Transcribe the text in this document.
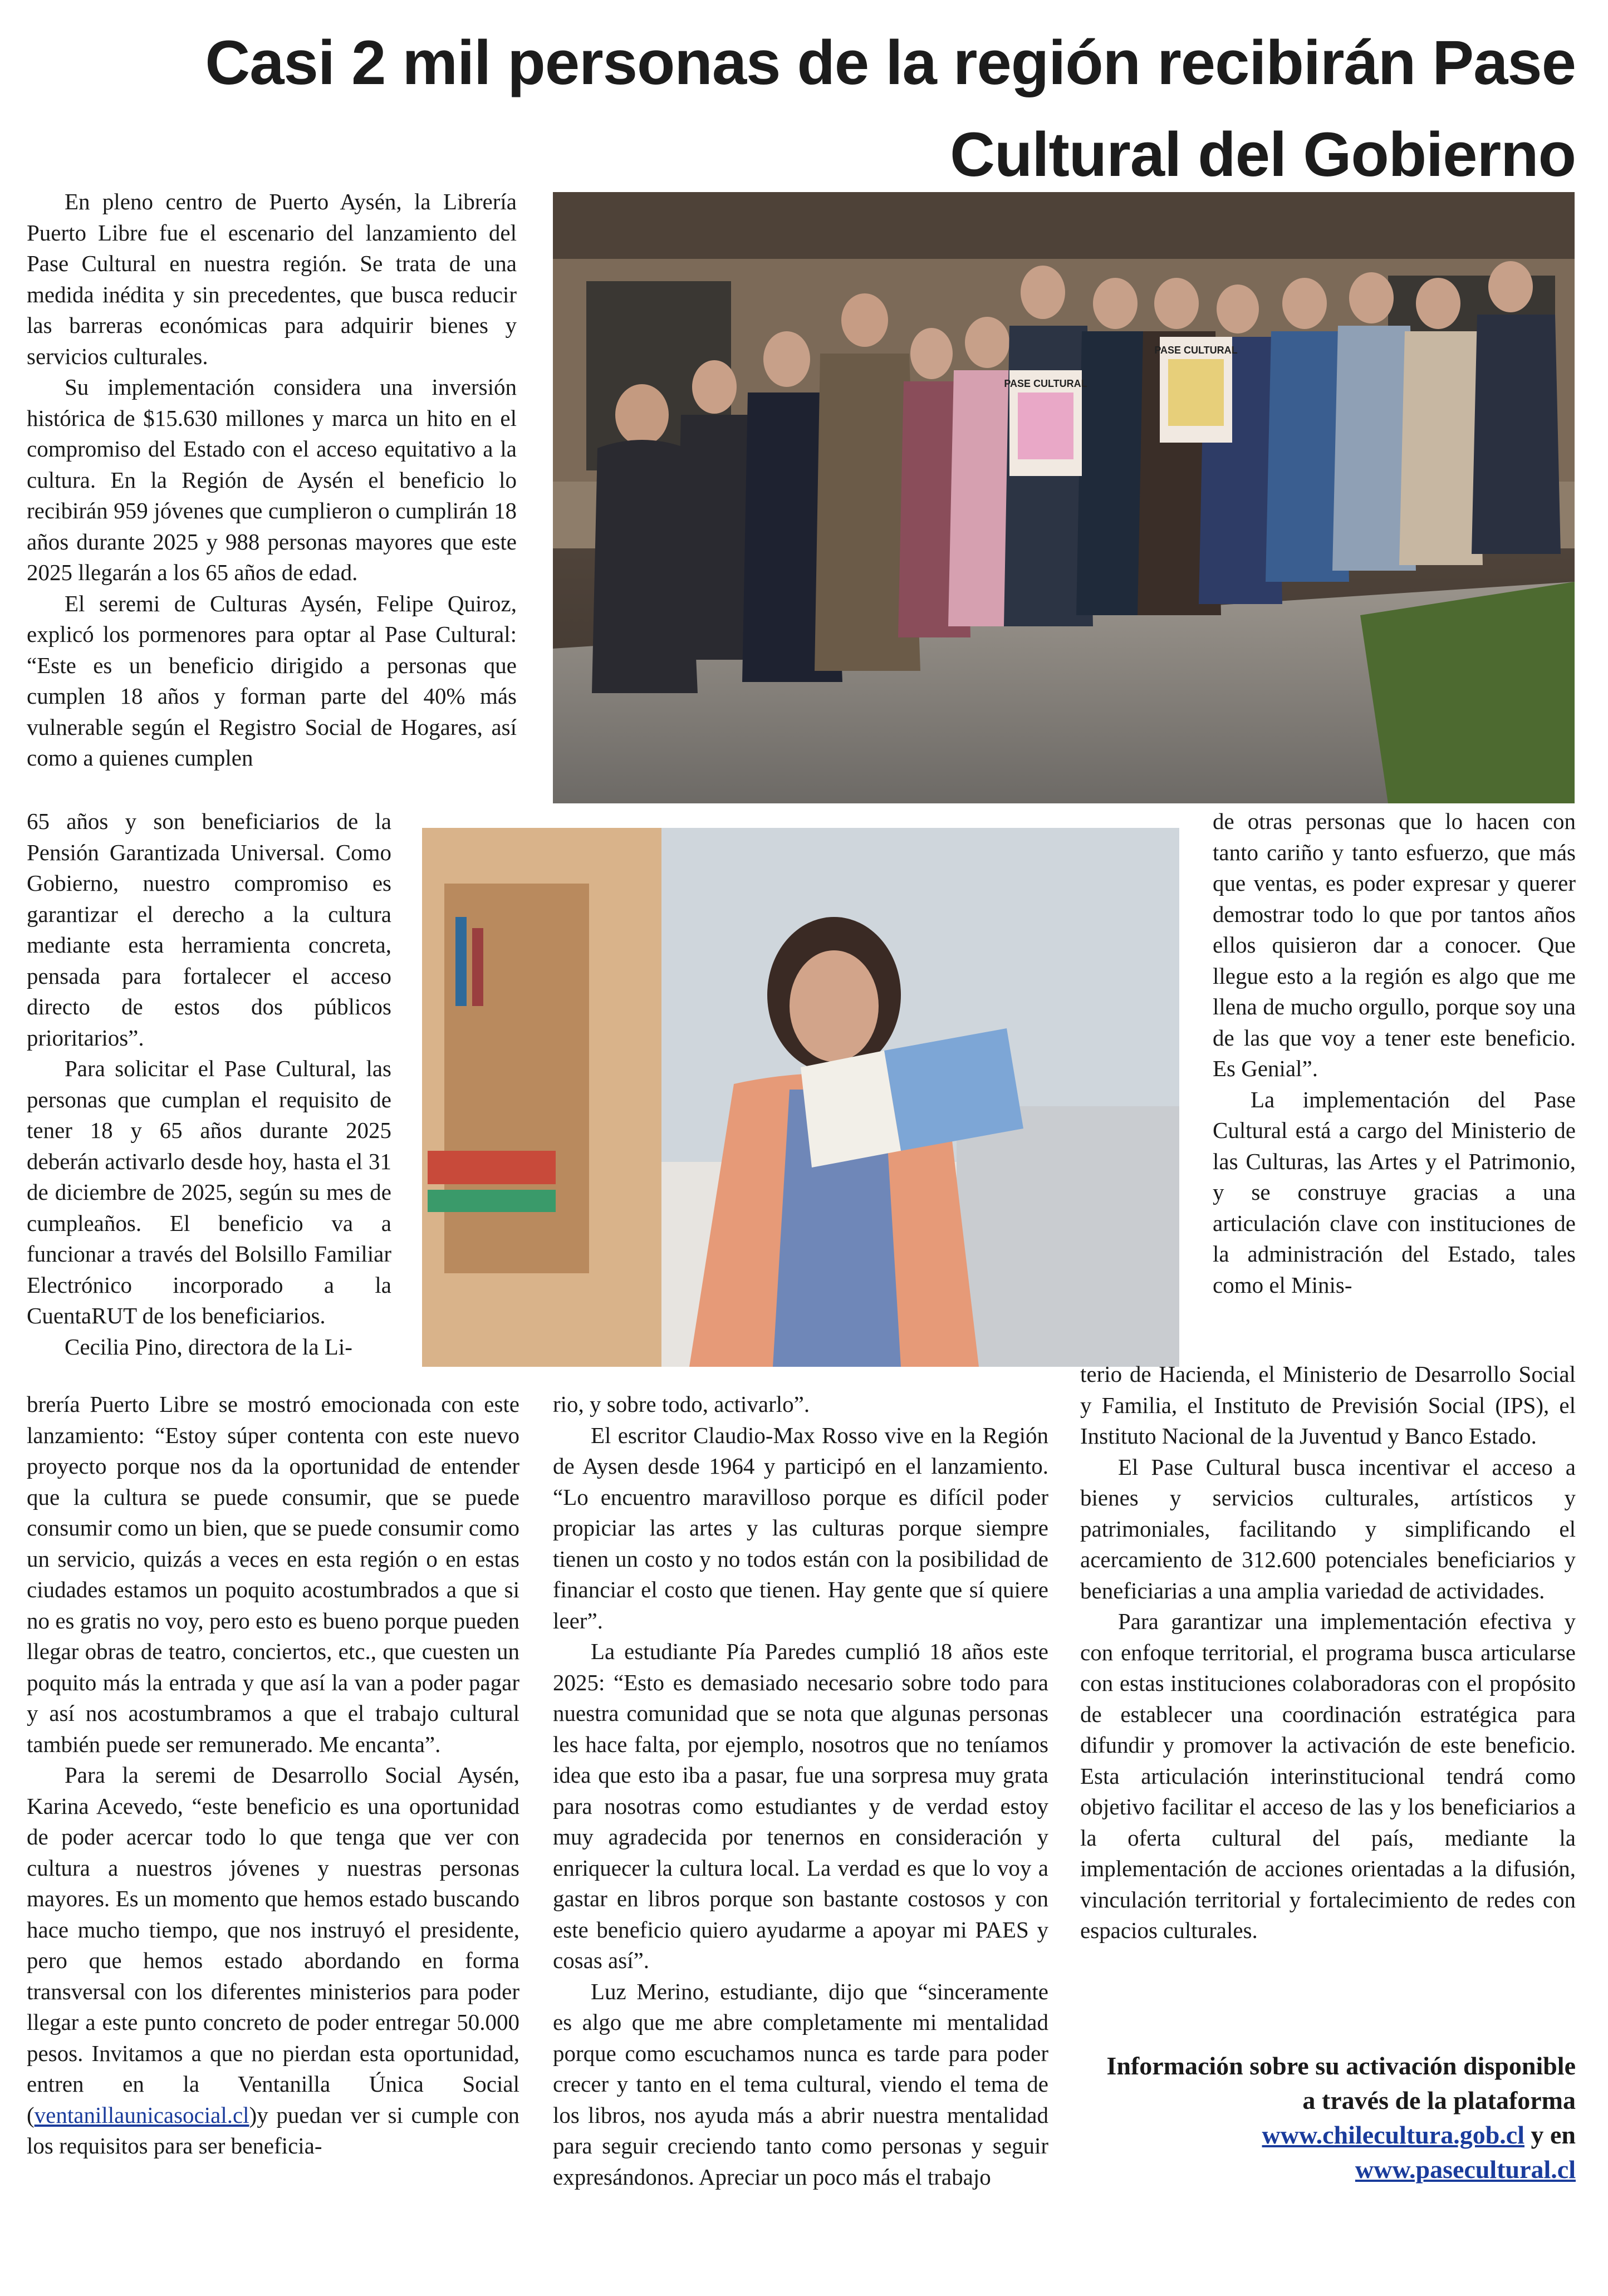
Casi 2 mil personas de la región recibirán Pase Cultural del Gobierno

En pleno centro de Puerto Aysén, la Librería Puerto Libre fue el escenario del lanzamiento del Pase Cultural en nuestra región. Se trata de una medida inédita y sin precedentes, que busca reducir las barreras económicas para adquirir bienes y servicios culturales.

Su implementación considera una inversión histórica de $15.630 millones y marca un hito en el compromiso del Estado con el acceso equitativo a la cultura. En la Región de Aysén el beneficio lo recibirán 959 jóvenes que cumplieron o cumplirán 18 años durante 2025 y 988 personas mayores que este 2025 llegarán a los 65 años de edad.

El seremi de Culturas Aysén, Felipe Quiroz, explicó los pormenores para optar al Pase Cultural: “Este es un beneficio dirigido a personas que cumplen 18 años y forman parte del 40% más vulnerable según el Registro Social de Hogares, así como a quienes cumplen

PASE CULTURAL
PASE CULTURAL

65 años y son beneficiarios de la Pensión Garantizada Universal. Como Gobierno, nuestro compromiso es garantizar el derecho a la cultura mediante esta herramienta concreta, pensada para fortalecer el acceso directo de estos dos públicos prioritarios”.

Para solicitar el Pase Cultural, las personas que cumplan el requisito de tener 18 y 65 años durante 2025 deberán activarlo desde hoy, hasta el 31 de diciembre de 2025, según su mes de cumpleaños. El beneficio va a funcionar a través del Bolsillo Familiar Electrónico incorporado a la CuentaRUT de los beneficiarios.

Cecilia Pino, directora de la Li-

brería Puerto Libre se mostró emocionada con este lanzamiento: “Estoy súper contenta con este nuevo proyecto porque nos da la oportunidad de entender que la cultura se puede consumir, que se puede consumir como un bien, que se puede consumir como un servicio, quizás a veces en esta región o en estas ciudades estamos un poquito acostumbrados a que si no es gratis no voy, pero esto es bueno porque pueden llegar obras de teatro, conciertos, etc., que cuesten un poquito más la entrada y que así la van a poder pagar y así nos acostumbramos a que el trabajo cultural también puede ser remunerado. Me encanta”.

Para la seremi de Desarrollo Social Aysén, Karina Acevedo, “este beneficio es una oportunidad de poder acercar todo lo que tenga que ver con cultura a nuestros jóvenes y nuestras personas mayores. Es un momento que hemos estado buscando hace mucho tiempo, que nos instruyó el presidente, pero que hemos estado abordando en forma transversal con los diferentes ministerios para poder llegar a este punto concreto de poder entregar 50.000 pesos. Invitamos a que no pierdan esta oportunidad, entren en la Ventanilla Única Social (ventanillaunicasocial.cl)y puedan ver si cumple con los requisitos para ser beneficia-

rio, y sobre todo, activarlo”.

El escritor Claudio-Max Rosso vive en la Región de Aysen desde 1964 y participó en el lanzamiento. “Lo encuentro maravilloso porque es difícil poder propiciar las artes y las culturas porque siempre tienen un costo y no todos están con la posibilidad de financiar el costo que tienen. Hay gente que sí quiere leer”.

La estudiante Pía Paredes cumplió 18 años este 2025: “Esto es demasiado necesario sobre todo para nuestra comunidad que se nota que algunas personas les hace falta, por ejemplo, nosotros que no teníamos idea que esto iba a pasar, fue una sorpresa muy grata para nosotras como estudiantes y de verdad estoy muy agradecida por tenernos en consideración y enriquecer la cultura local. La verdad es que lo voy a gastar en libros porque son bastante costosos y con este beneficio quiero ayudarme a apoyar mi PAES y cosas así”.

Luz Merino, estudiante, dijo que “sinceramente es algo que me abre completamente mi mentalidad porque como escuchamos nunca es tarde para poder crecer y tanto en el tema cultural, viendo el tema de los libros, nos ayuda más a abrir nuestra mentalidad para seguir creciendo tanto como personas y seguir expresándonos. Apreciar un poco más el trabajo

de otras personas que lo hacen con tanto cariño y tanto esfuerzo, que más que ventas, es poder expresar y querer demostrar todo lo que por tantos años ellos quisieron dar a conocer. Que llegue esto a la región es algo que me llena de mucho orgullo, porque soy una de las que voy a tener este beneficio. Es Genial”.

La implementación del Pase Cultural está a cargo del Ministerio de las Culturas, las Artes y el Patrimonio, y se construye gracias a una articulación clave con instituciones de la administración del Estado, tales como el Minis-

terio de Hacienda, el Ministerio de Desarrollo Social y Familia, el Instituto de Previsión Social (IPS), el Instituto Nacional de la Juventud y Banco Estado.

El Pase Cultural busca incentivar el acceso a bienes y servicios culturales, artísticos y patrimoniales, facilitando y simplificando el acercamiento de 312.600 potenciales beneficiarios y beneficiarias a una amplia variedad de actividades.

Para garantizar una implementación efectiva y con enfoque territorial, el programa busca articularse con estas instituciones colaboradoras con el propósito de establecer una coordinación estratégica para difundir y promover la activación de este beneficio. Esta articulación interinstitucional tendrá como objetivo facilitar el acceso de las y los beneficiarios a la oferta cultural del país, mediante la implementación de acciones orientadas a la difusión, vinculación territorial y fortalecimiento de redes con espacios culturales.

Información sobre su activación disponible a través de la plataforma www.chilecultura.gob.cl y en www.pasecultural.cl
